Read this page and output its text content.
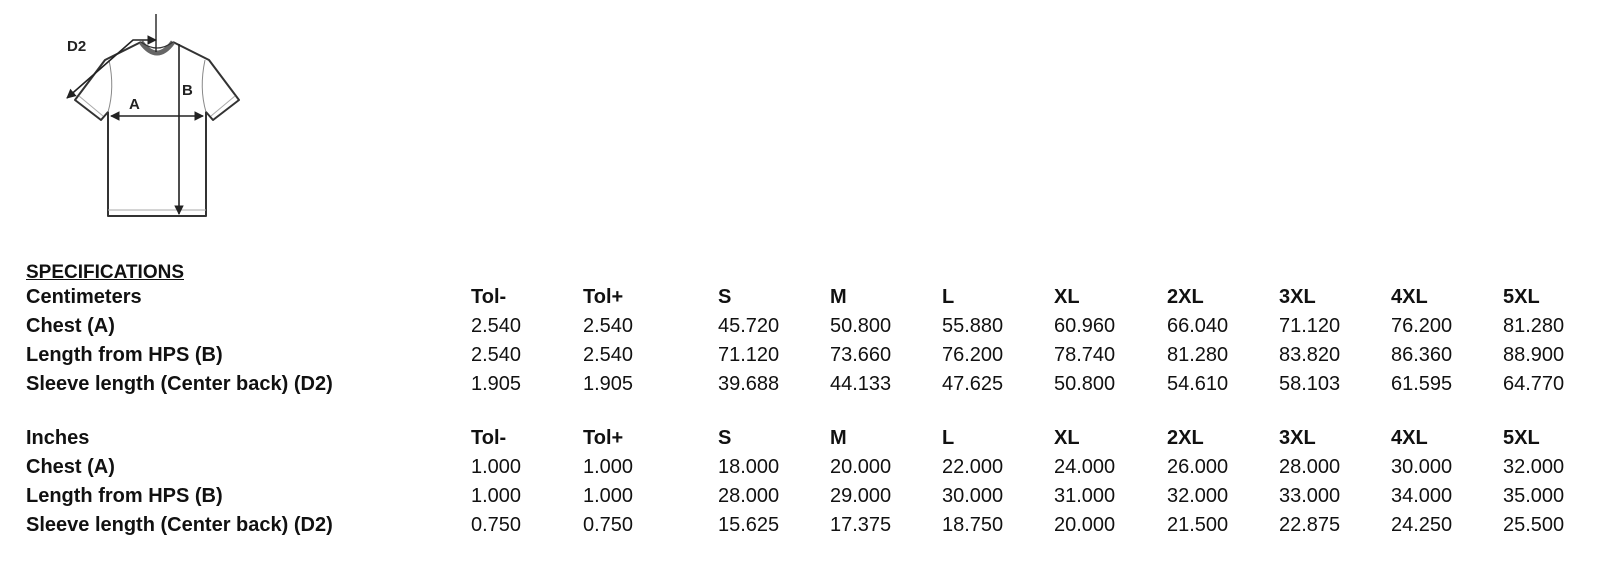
D2
A
B
SPECIFICATIONS
Centimeters	Tol-	Tol+	S	M	L	XL	2XL	3XL	4XL	5XL
Chest (A)	2.540	2.540	45.720	50.800	55.880	60.960	66.040	71.120	76.200	81.280
Length from HPS (B)	2.540	2.540	71.120	73.660	76.200	78.740	81.280	83.820	86.360	88.900
Sleeve length (Center back) (D2)	1.905	1.905	39.688	44.133	47.625	50.800	54.610	58.103	61.595	64.770
Inches	Tol-	Tol+	S	M	L	XL	2XL	3XL	4XL	5XL
Chest (A)	1.000	1.000	18.000	20.000	22.000	24.000	26.000	28.000	30.000	32.000
Length from HPS (B)	1.000	1.000	28.000	29.000	30.000	31.000	32.000	33.000	34.000	35.000
Sleeve length (Center back) (D2)	0.750	0.750	15.625	17.375	18.750	20.000	21.500	22.875	24.250	25.500
